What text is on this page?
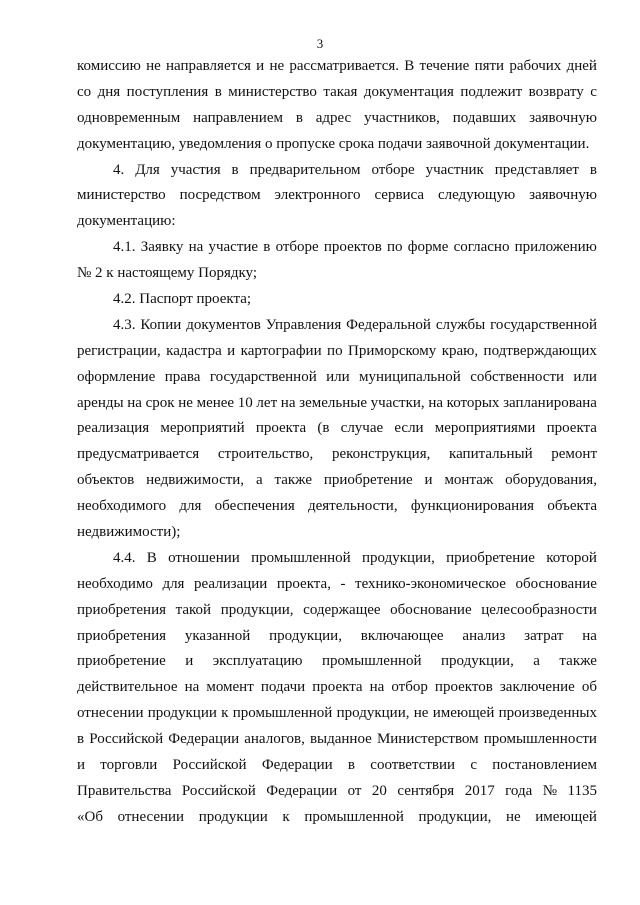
3
комиссию не направляется и не рассматривается. В течение пяти рабочих дней
со дня поступления в министерство такая документация подлежит возврату с
одновременным направлением в адрес участников, подавших заявочную
документацию, уведомления о пропуске срока подачи заявочной документации.
4. Для участия в предварительном отборе участник представляет в
министерство посредством электронного сервиса следующую заявочную
документацию:
4.1. Заявку на участие в отборе проектов по форме согласно приложению
№ 2 к настоящему Порядку;
4.2. Паспорт проекта;
4.3. Копии документов Управления Федеральной службы государственной
регистрации, кадастра и картографии по Приморскому краю, подтверждающих
оформление права государственной или муниципальной собственности или
аренды на срок не менее 10 лет на земельные участки, на которых запланирована
реализация мероприятий проекта (в случае если мероприятиями проекта
предусматривается строительство, реконструкция, капитальный ремонт
объектов недвижимости, а также приобретение и монтаж оборудования,
необходимого для обеспечения деятельности, функционирования объекта
недвижимости);
4.4. В отношении промышленной продукции, приобретение которой
необходимо для реализации проекта, - технико-экономическое обоснование
приобретения такой продукции, содержащее обоснование целесообразности
приобретения указанной продукции, включающее анализ затрат на
приобретение и эксплуатацию промышленной продукции, а также
действительное на момент подачи проекта на отбор проектов заключение об
отнесении продукции к промышленной продукции, не имеющей произведенных
в Российской Федерации аналогов, выданное Министерством промышленности
и торговли Российской Федерации в соответствии с постановлением
Правительства Российской Федерации от 20 сентября 2017 года № 1135
«Об отнесении продукции к промышленной продукции, не имеющей
